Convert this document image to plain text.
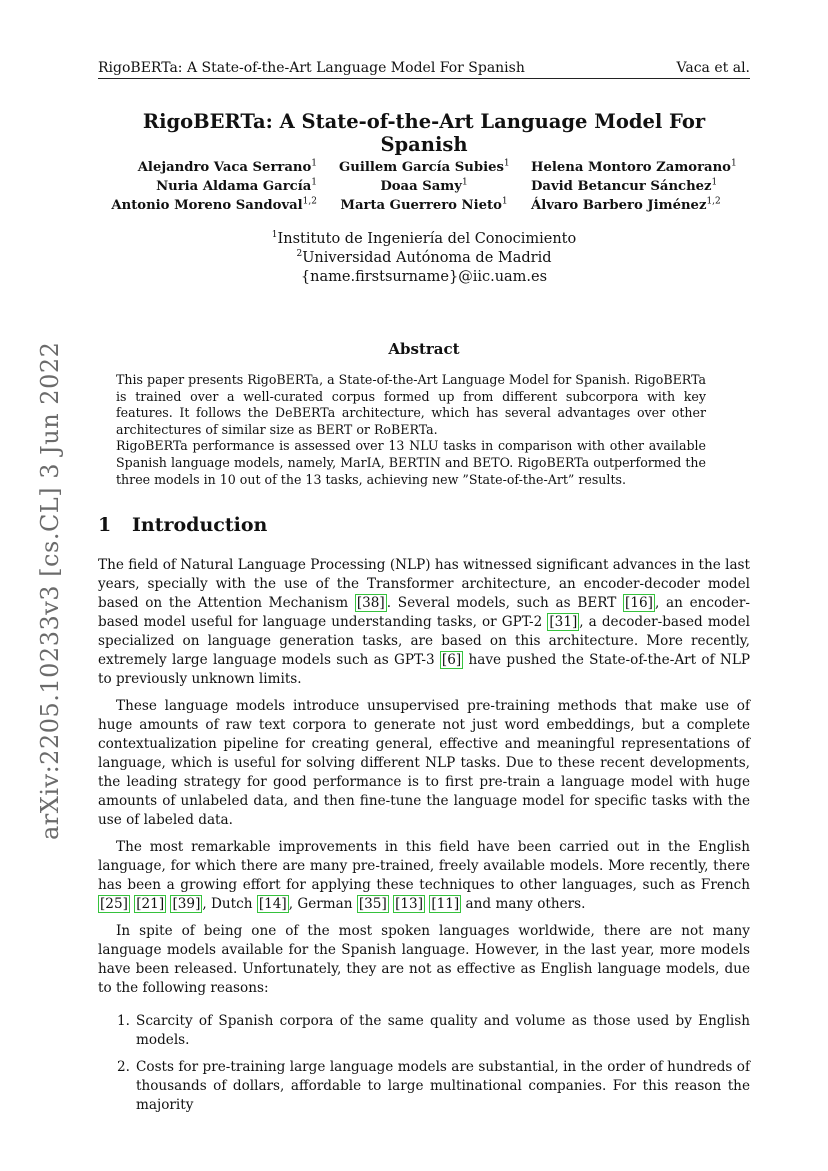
RigoBERTa: A State-of-the-Art Language Model For Spanish	Vaca et al.
arXiv:2205.10233v3 [cs.CL] 3 Jun 2022
RigoBERTa: A State-of-the-Art Language Model For Spanish
Alejandro Vaca Serrano$^1$ Guillem García Subies$^1$ Helena Montoro Zamorano$^1$
Nuria Aldama García$^1$	Doaa Samy$^1$	David Betancur Sánchez$^1$
Antonio Moreno Sandoval$^{1,2}$ Marta Guerrero Nieto$^1$ Álvaro Barbero Jiménez$^{1,2}$
$^1$Instituto de Ingeniería del Conocimiento
$^2$Universidad Autónoma de Madrid
{name.firstsurname}@iic.uam.es
Abstract

This paper presents RigoBERTa, a State-of-the-Art Language Model for Spanish. RigoBERTa is trained over a well-curated corpus formed up from different subcorpora with key features. It follows the DeBERTa architecture, which has several advantages over other architectures of similar size as BERT or RoBERTa.

RigoBERTa performance is assessed over 13 NLU tasks in comparison with other available Spanish language models, namely, MarIA, BERTIN and BETO. RigoBERTa outperformed the three models in 10 out of the 13 tasks, achieving new ”State-of-the-Art” results.

1 Introduction

The field of Natural Language Processing (NLP) has witnessed significant advances in the last years, specially with the use of the Transformer architecture, an encoder-decoder model based on the Attention Mechanism [38] . Several models, such as BERT [16] , an encoder-based model useful for language understanding tasks, or GPT-2 [31] , a decoder-based model specialized on language generation tasks, are based on this architecture. More recently, extremely large language models such as GPT-3 [6] have pushed the State-of-the-Art of NLP to previously unknown limits.

These language models introduce unsupervised pre-training methods that make use of huge amounts of raw text corpora to generate not just word embeddings, but a complete contextualization pipeline for creating general, effective and meaningful representations of language, which is useful for solving different NLP tasks. Due to these recent developments, the leading strategy for good performance is to first pre-train a language model with huge amounts of unlabeled data, and then fine-tune the language model for specific tasks with the use of labeled data.

The most remarkable improvements in this field have been carried out in the English language, for which there are many pre-trained, freely available models. More recently, there has been a growing effort for applying these techniques to other languages, such as French [25] [21] [39] , Dutch [14] , German [35] [13] [11] and many others.

In spite of being one of the most spoken languages worldwide, there are not many language models available for the Spanish language. However, in the last year, more models have been released. Unfortunately, they are not as effective as English language models, due to the following reasons:

1. Scarcity of Spanish corpora of the same quality and volume as those used by English models.
2. Costs for pre-training large language models are substantial, in the order of hundreds of thousands of dollars, affordable to large multinational companies. For this reason the majority
